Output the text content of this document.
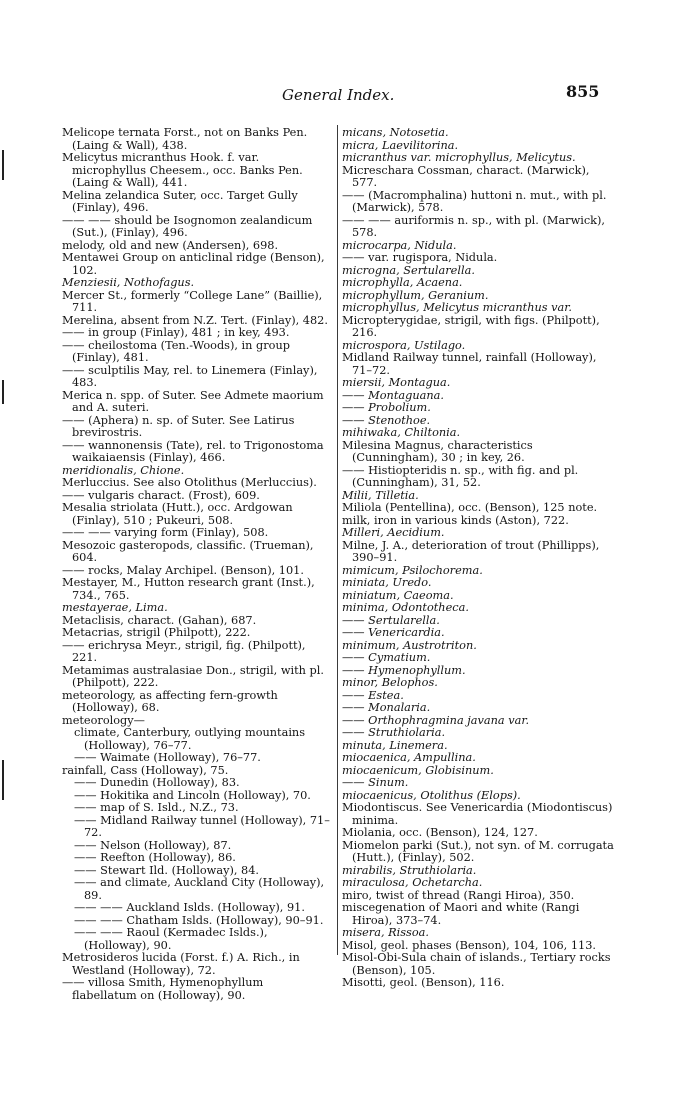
General Index.	855

Melicope ternata Forst., not on Banks Pen. (Laing & Wall), 438.

Melicytus micranthus Hook. f. var. microphyllus Cheesem., occ. Banks Pen. (Laing & Wall), 441.

Melina zelandica Suter, occ. Target Gully (Finlay), 496.

—— —— should be Isognomon zealandicum (Sut.), (Finlay), 496.

melody, old and new (Andersen), 698.

Mentawei Group on anticlinal ridge (Benson), 102.

Menziesii, Nothofagus.

Mercer St., formerly “College Lane” (Baillie), 711.

Merelina, absent from N.Z. Tert. (Finlay), 482.

—— in group (Finlay), 481 ; in key, 493.

—— cheilostoma (Ten.-Woods), in group (Finlay), 481.

—— sculptilis May, rel. to Linemera (Finlay), 483.

Merica n. spp. of Suter. See Admete maorium and A. suteri.

—— (Aphera) n. sp. of Suter. See Latirus brevirostris.

—— wannonensis (Tate), rel. to Trigonostoma waikaiaensis (Finlay), 466.

meridionalis, Chione.

Merluccius. See also Otolithus (Merluccius).

—— vulgaris charact. (Frost), 609.

Mesalia striolata (Hutt.), occ. Ardgowan (Finlay), 510 ; Pukeuri, 508.

—— —— varying form (Finlay), 508.

Mesozoic gasteropods, classific. (Trueman), 604.

—— rocks, Malay Archipel. (Benson), 101.

Mestayer, M., Hutton research grant (Inst.), 734., 765.

mestayerae, Lima.

Metaclisis, charact. (Gahan), 687.

Metacrias, strigil (Philpott), 222.

—— erichrysa Meyr., strigil, fig. (Philpott), 221.

Metamimas australasiae Don., strigil, with pl. (Philpott), 222.

meteorology, as affecting fern-growth (Holloway), 68.

meteorology—

climate, Canterbury, outlying mountains (Holloway), 76–77.

—— Waimate (Holloway), 76–77.

rainfall, Cass (Holloway), 75.

—— Dunedin (Holloway), 83.

—— Hokitika and Lincoln (Holloway), 70.

—— map of S. Isld., N.Z., 73.

—— Midland Railway tunnel (Holloway), 71–72.

—— Nelson (Holloway), 87.

—— Reefton (Holloway), 86.

—— Stewart Ild. (Holloway), 84.

—— and climate, Auckland City (Holloway), 89.

—— —— Auckland Islds. (Holloway), 91.

—— —— Chatham Islds. (Holloway), 90–91.

—— —— Raoul (Kermadec Islds.), (Holloway), 90.

Metrosideros lucida (Forst. f.) A. Rich., in Westland (Holloway), 72.

—— villosa Smith, Hymenophyllum flabellatum on (Holloway), 90.

micans, Notosetia.

micra, Laevilitorina.

micranthus var. microphyllus, Melicytus.

Micreschara Cossman, charact. (Marwick), 577.

—— (Macromphalina) huttoni n. mut., with pl. (Marwick), 578.

—— —— auriformis n. sp., with pl. (Marwick), 578.

microcarpa, Nidula.

—— var. rugispora, Nidula.

microgna, Sertularella.

microphylla, Acaena.

microphyllum, Geranium.

microphyllus, Melicytus micranthus var.

Micropterygidae, strigil, with figs. (Philpott), 216.

microspora, Ustilago.

Midland Railway tunnel, rainfall (Holloway), 71–72.

miersii, Montagua.

—— Montaguana.

—— Probolium.

—— Stenothoe.

mihiwaka, Chiltonia.

Milesina Magnus, characteristics (Cunningham), 30 ; in key, 26.

—— Histiopteridis n. sp., with fig. and pl. (Cunningham), 31, 52.

Milii, Tilletia.

Miliola (Pentellina), occ. (Benson), 125 note.

milk, iron in various kinds (Aston), 722.

Milleri, Aecidium.

Milne, J. A., deterioration of trout (Phillipps), 390–91.

mimicum, Psilochorema.

miniata, Uredo.

miniatum, Caeoma.

minima, Odontotheca.

—— Sertularella.

—— Venericardia.

minimum, Austrotriton.

—— Cymatium.

—— Hymenophyllum.

minor, Belophos.

—— Estea.

—— Monalaria.

—— Orthophragmina javana var.

—— Struthiolaria.

minuta, Linemera.

miocaenica, Ampullina.

miocaenicum, Globisinum.

—— Sinum.

miocaenicus, Otolithus (Elops).

Miodontiscus. See Venericardia (Miodontiscus) minima.

Miolania, occ. (Benson), 124, 127.

Miomelon parki (Sut.), not syn. of M. corrugata (Hutt.), (Finlay), 502.

mirabilis, Struthiolaria.

miraculosa, Ochetarcha.

miro, twist of thread (Rangi Hiroa), 350.

miscegenation of Maori and white (Rangi Hiroa), 373–74.

misera, Rissoa.

Misol, geol. phases (Benson), 104, 106, 113.

Misol-Obi-Sula chain of islands., Tertiary rocks (Benson), 105.

Misotti, geol. (Benson), 116.
